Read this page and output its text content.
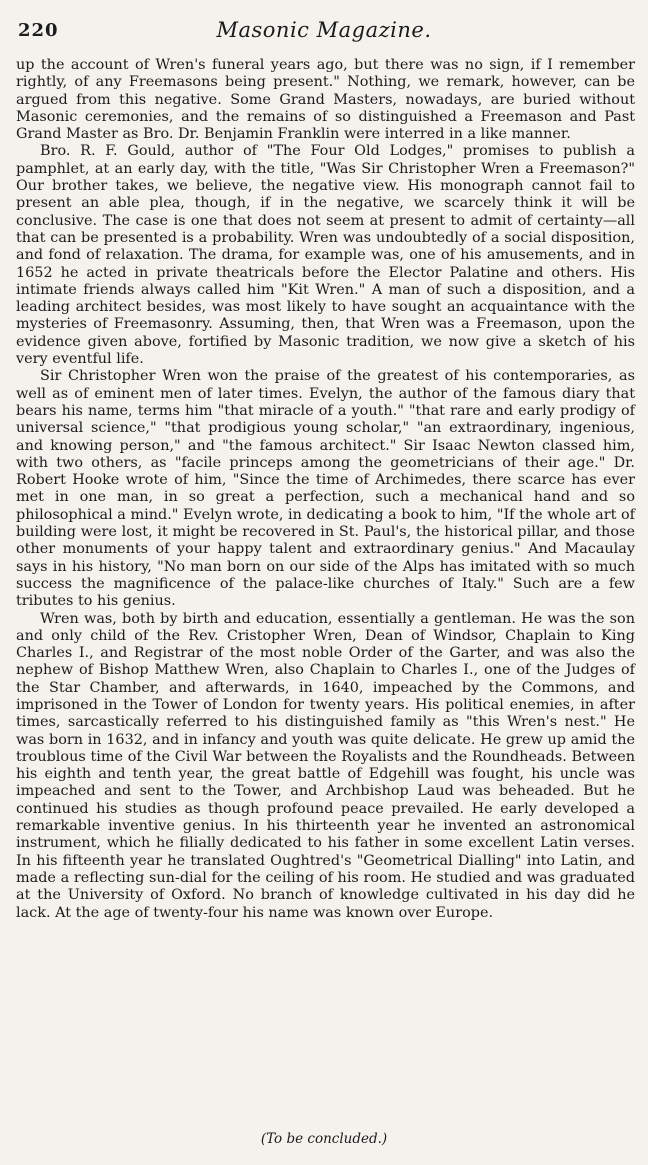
220	Masonic Magazine.

up the account of Wren's funeral years ago, but there was no sign, if I remember rightly, of any Freemasons being present." Nothing, we remark, however, can be argued from this negative. Some Grand Masters, nowadays, are buried without Masonic ceremonies, and the remains of so distinguished a Freemason and Past Grand Master as Bro. Dr. Benjamin Franklin were interred in a like manner.

Bro. R. F. Gould, author of "The Four Old Lodges," promises to publish a pamphlet, at an early day, with the title, "Was Sir Christopher Wren a Freemason?" Our brother takes, we believe, the negative view. His monograph cannot fail to present an able plea, though, if in the negative, we scarcely think it will be conclusive. The case is one that does not seem at present to admit of certainty—all that can be presented is a probability. Wren was undoubtedly of a social disposition, and fond of relaxation. The drama, for example was, one of his amusements, and in 1652 he acted in private theatricals before the Elector Palatine and others. His intimate friends always called him "Kit Wren." A man of such a disposition, and a leading architect besides, was most likely to have sought an acquaintance with the mysteries of Freemasonry. Assuming, then, that Wren was a Freemason, upon the evidence given above, fortified by Masonic tradition, we now give a sketch of his very eventful life.

Sir Christopher Wren won the praise of the greatest of his contemporaries, as well as of eminent men of later times. Evelyn, the author of the famous diary that bears his name, terms him "that miracle of a youth." "that rare and early prodigy of universal science," "that prodigious young scholar," "an extraordinary, ingenious, and knowing person," and "the famous architect." Sir Isaac Newton classed him, with two others, as "facile princeps among the geometricians of their age." Dr. Robert Hooke wrote of him, "Since the time of Archimedes, there scarce has ever met in one man, in so great a perfection, such a mechanical hand and so philosophical a mind." Evelyn wrote, in dedicating a book to him, "If the whole art of building were lost, it might be recovered in St. Paul's, the historical pillar, and those other monuments of your happy talent and extraordinary genius." And Macaulay says in his history, "No man born on our side of the Alps has imitated with so much success the magnificence of the palace-like churches of Italy." Such are a few tributes to his genius.

Wren was, both by birth and education, essentially a gentleman. He was the son and only child of the Rev. Cristopher Wren, Dean of Windsor, Chaplain to King Charles I., and Registrar of the most noble Order of the Garter, and was also the nephew of Bishop Matthew Wren, also Chaplain to Charles I., one of the Judges of the Star Chamber, and afterwards, in 1640, impeached by the Commons, and imprisoned in the Tower of London for twenty years. His political enemies, in after times, sarcastically referred to his distinguished family as "this Wren's nest." He was born in 1632, and in infancy and youth was quite delicate. He grew up amid the troublous time of the Civil War between the Royalists and the Roundheads. Between his eighth and tenth year, the great battle of Edgehill was fought, his uncle was impeached and sent to the Tower, and Archbishop Laud was beheaded. But he continued his studies as though profound peace prevailed. He early developed a remarkable inventive genius. In his thirteenth year he invented an astronomical instrument, which he filially dedicated to his father in some excellent Latin verses. In his fifteenth year he translated Oughtred's "Geometrical Dialling" into Latin, and made a reflecting sun-dial for the ceiling of his room. He studied and was graduated at the University of Oxford. No branch of knowledge cultivated in his day did he lack. At the age of twenty-four his name was known over Europe.

(To be concluded.)
